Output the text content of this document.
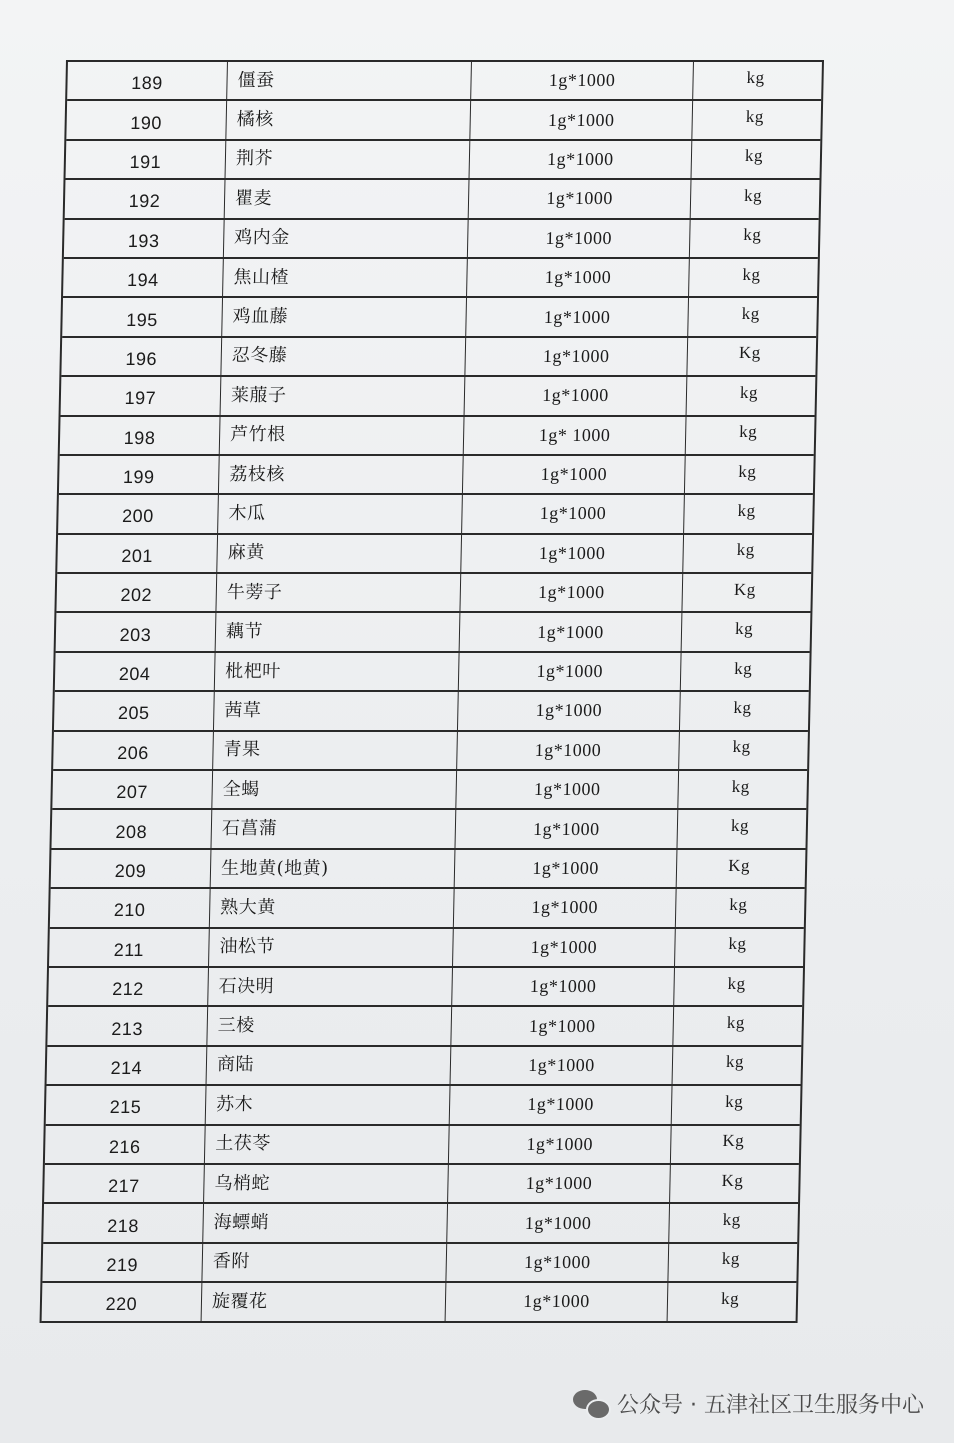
189	僵蚕	1g*1000	kg
190	橘核	1g*1000	kg
191	荆芥	1g*1000	kg
192	瞿麦	1g*1000	kg
193	鸡内金	1g*1000	kg
194	焦山楂	1g*1000	kg
195	鸡血藤	1g*1000	kg
196	忍冬藤	1g*1000	Kg
197	莱菔子	1g*1000	kg
198	芦竹根	1g* 1000	kg
199	荔枝核	1g*1000	kg
200	木瓜	1g*1000	kg
201	麻黄	1g*1000	kg
202	牛蒡子	1g*1000	Kg
203	藕节	1g*1000	kg
204	枇杷叶	1g*1000	kg
205	茜草	1g*1000	kg
206	青果	1g*1000	kg
207	全蝎	1g*1000	kg
208	石菖蒲	1g*1000	kg
209	生地黄(地黄)	1g*1000	Kg
210	熟大黄	1g*1000	kg
211	油松节	1g*1000	kg
212	石决明	1g*1000	kg
213	三棱	1g*1000	kg
214	商陆	1g*1000	kg
215	苏木	1g*1000	kg
216	土茯苓	1g*1000	Kg
217	乌梢蛇	1g*1000	Kg
218	海螵蛸	1g*1000	kg
219	香附	1g*1000	kg
220	旋覆花	1g*1000	kg
公众号 · 五津社区卫生服务中心
